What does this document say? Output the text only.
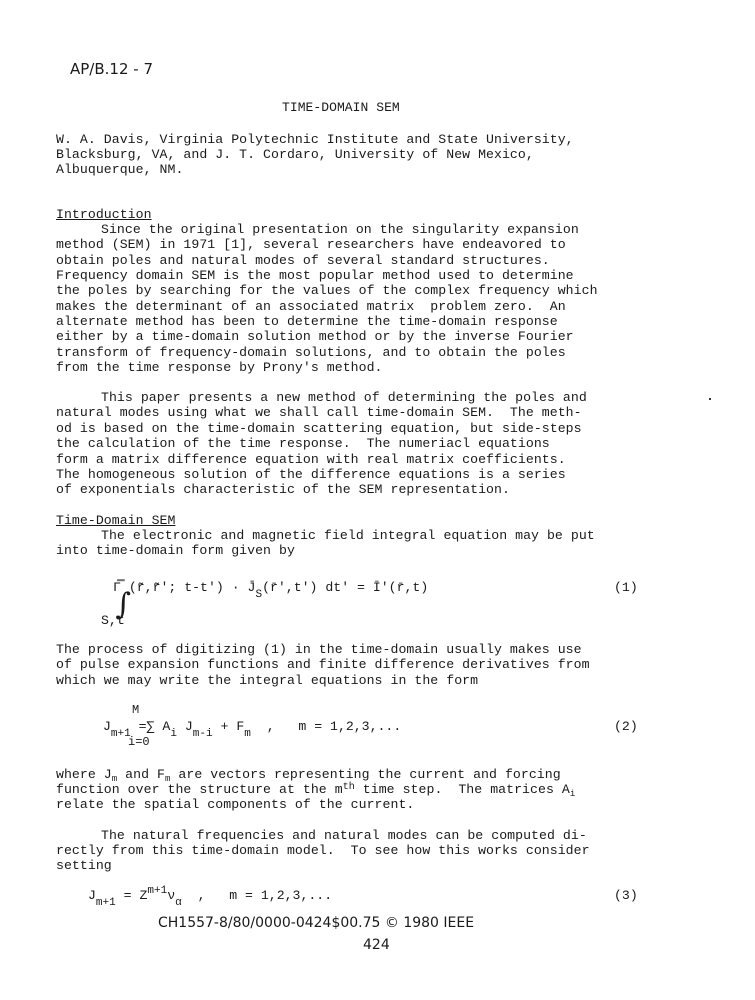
AP/B.12 - 7
TIME-DOMAIN SEM
W. A. Davis, Virginia Polytechnic Institute and State University,
Blacksburg, VA, and J. T. Cordaro, University of New Mexico,
Albuquerque, NM.
Introduction
Since the original presentation on the singularity expansion
method (SEM) in 1971 [1], several researchers have endeavored to
obtain poles and natural modes of several standard structures.
Frequency domain SEM is the most popular method used to determine
the poles by searching for the values of the complex frequency which
makes the determinant of an associated matrix  problem zero.  An
alternate method has been to determine the time-domain response
either by a time-domain solution method or by the inverse Fourier
transform of frequency-domain solutions, and to obtain the poles
from the time response by Prony's method.
This paper presents a new method of determining the poles and
natural modes using what we shall call time-domain SEM.  The meth-
od is based on the time-domain scattering equation, but side-steps
the calculation of the time response.  The numeriacl equations
form a matrix difference equation with real matrix coefficients.
The homogeneous solution of the difference equations is a series
of exponentials characteristic of the SEM representation.
Time-Domain SEM
The electronic and magnetic field integral equation may be put
into time-domain form given by

∫

Γ̿ (r̃,r̃'; $t-t') \cdot J̄_S(r̄',t') dt'$ = Ī'(r̄,t)	(1)
S,t
The process of digitizing (1) in the time-domain usually makes use
of pulse expansion functions and finite difference derivatives from
which we may write the integral equations in the form
M
$J_{m+1}$ =∑ $A_i$ $J_{m-i} + F_m$ ,   m = 1,2,3,...
i=0
(2)
where $J_m$ and $F_m$ are vectors representing the current and forcing
function over the structure at the $m^{th}$ time step.  The matrices $A_i$
relate the spatial components of the current.
The natural frequencies and natural modes can be computed di-
rectly from this time-domain model.  To see how this works consider
setting
$J_{m+1} = Z^{m+1}\nu_\alpha$ ,   m = 1,2,3,...	(3)
CH1557-8/80/0000-0424$00.75 © 1980 IEEE
424
